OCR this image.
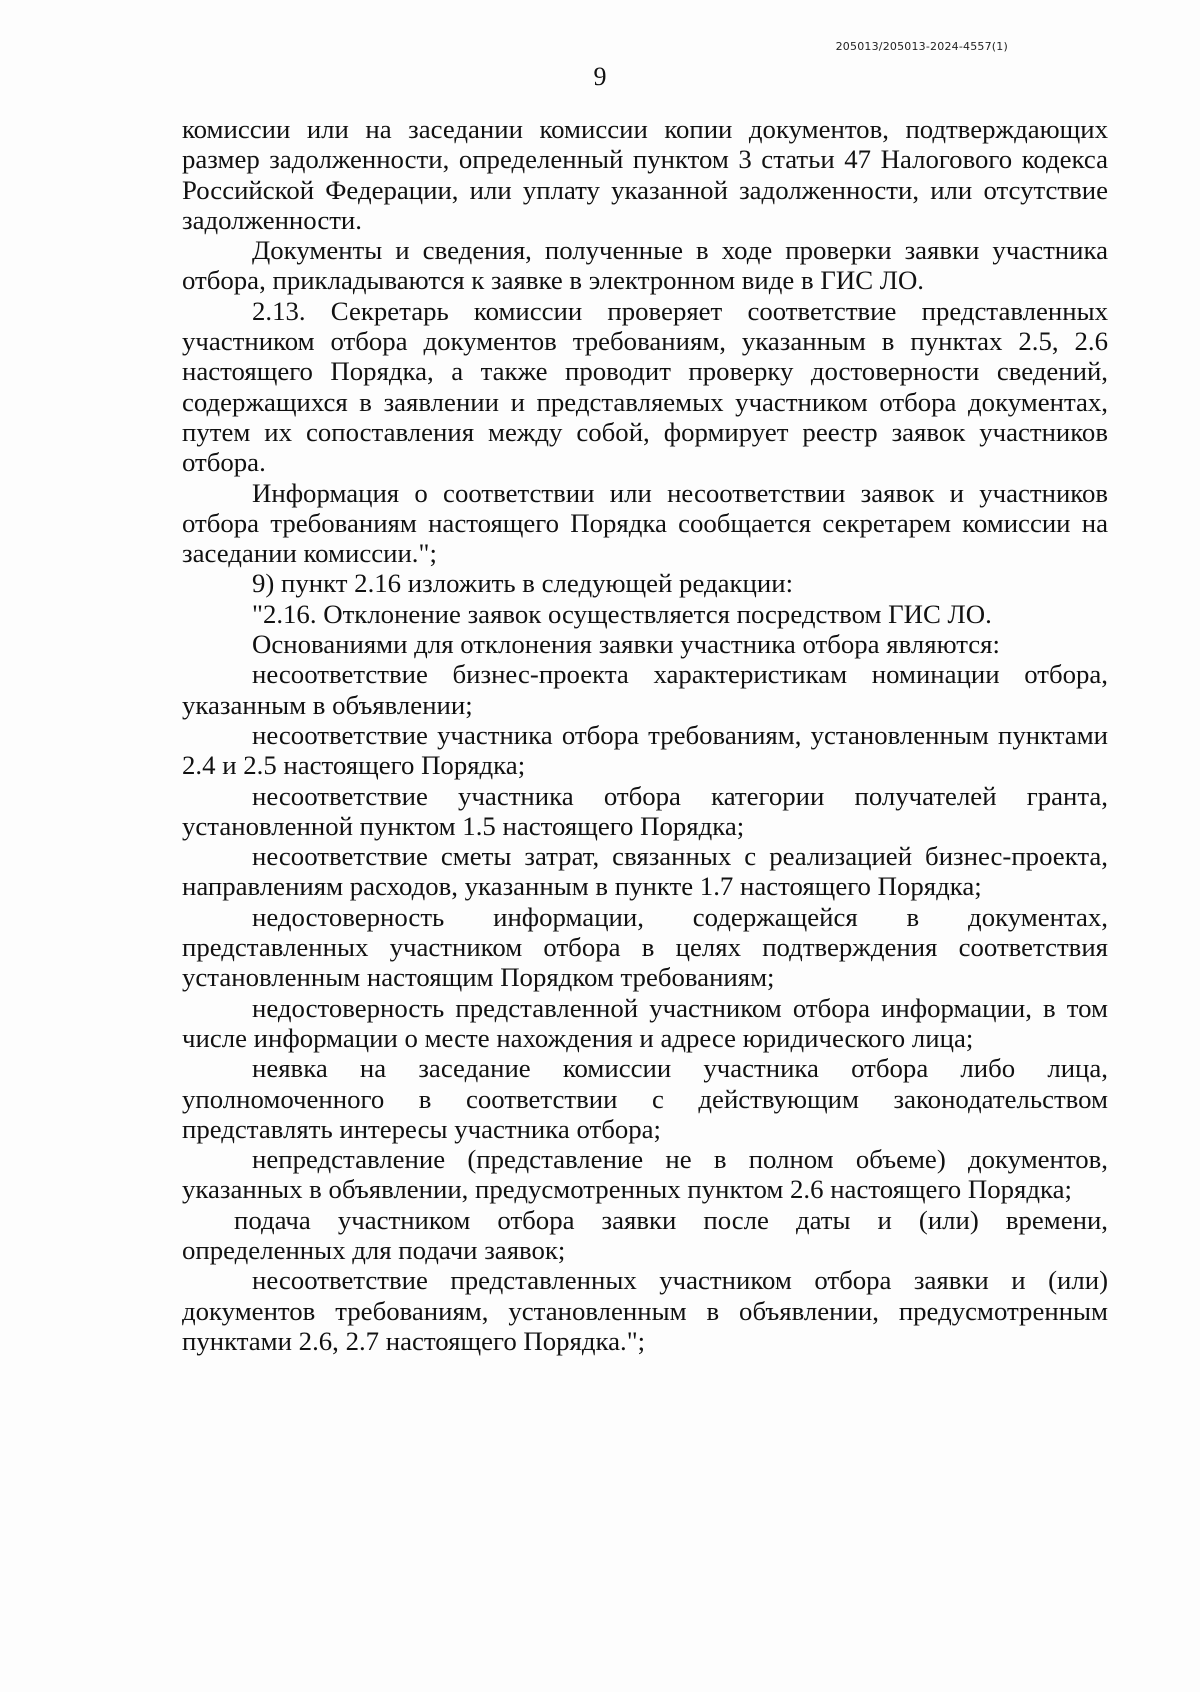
205013/205013-2024-4557(1)
9

комиссии или на заседании комиссии копии документов, подтверждающих размер задолженности, определенный пунктом 3 статьи 47 Налогового кодекса Российской Федерации, или уплату указанной задолженности, или отсутствие задолженности.

Документы и сведения, полученные в ходе проверки заявки участника отбора, прикладываются к заявке в электронном виде в ГИС ЛО.

2.13. Секретарь комиссии проверяет соответствие представленных участником отбора документов требованиям, указанным в пунктах 2.5, 2.6 настоящего Порядка, а также проводит проверку достоверности сведений, содержащихся в заявлении и представляемых участником отбора документах, путем их сопоставления между собой, формирует реестр заявок участников отбора.

Информация о соответствии или несоответствии заявок и участников отбора требованиям настоящего Порядка сообщается секретарем комиссии на заседании комиссии.";

9) пункт 2.16 изложить в следующей редакции:

"2.16. Отклонение заявок осуществляется посредством ГИС ЛО.

Основаниями для отклонения заявки участника отбора являются:

несоответствие бизнес-проекта характеристикам номинации отбора, указанным в объявлении;

несоответствие участника отбора требованиям, установленным пунктами 2.4 и 2.5 настоящего Порядка;

несоответствие участника отбора категории получателей гранта, установленной пунктом 1.5 настоящего Порядка;

несоответствие сметы затрат, связанных с реализацией бизнес-проекта, направлениям расходов, указанным в пункте 1.7 настоящего Порядка;

недостоверность информации, содержащейся в документах, представленных участником отбора в целях подтверждения соответствия установленным настоящим Порядком требованиям;

недостоверность представленной участником отбора информации, в том числе информации о месте нахождения и адресе юридического лица;

неявка на заседание комиссии участника отбора либо лица, уполномоченного в соответствии с действующим законодательством представлять интересы участника отбора;

непредставление (представление не в полном объеме) документов, указанных в объявлении, предусмотренных пунктом 2.6 настоящего Порядка;

подача участником отбора заявки после даты и (или) времени, определенных для подачи заявок;

несоответствие представленных участником отбора заявки и (или) документов требованиям, установленным в объявлении, предусмотренным пунктами 2.6, 2.7 настоящего Порядка.";
